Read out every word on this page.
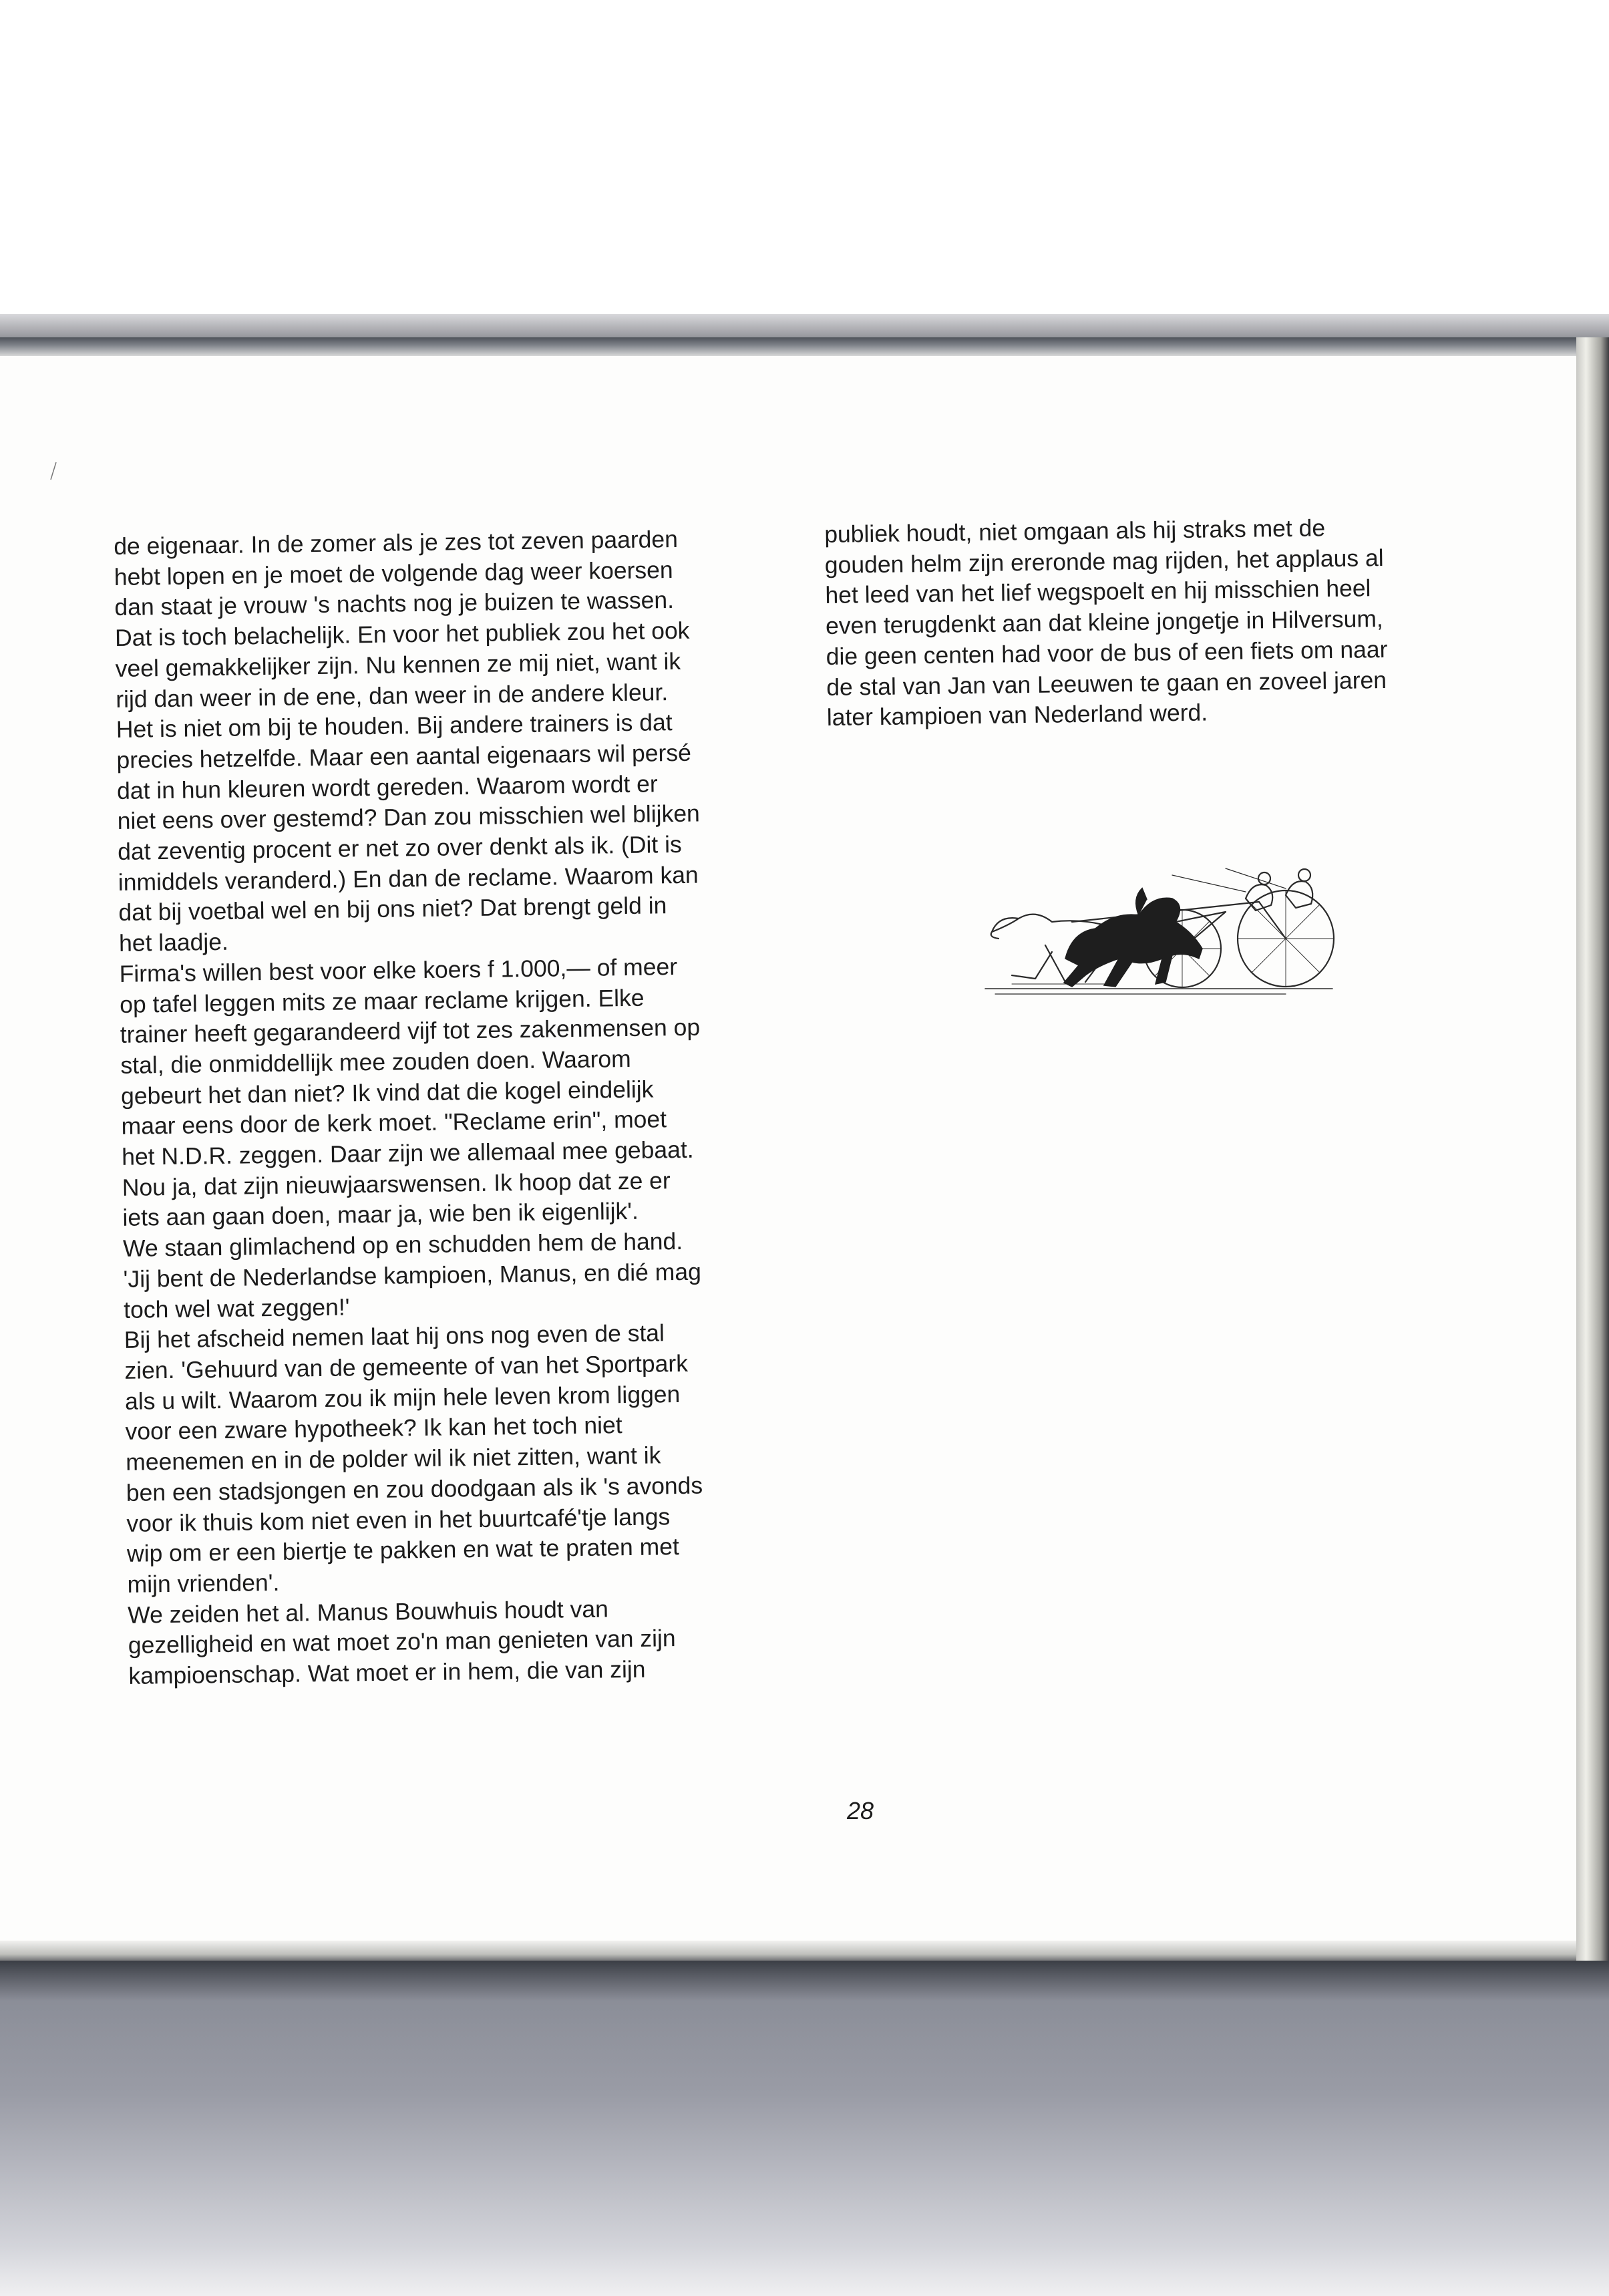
de eigenaar. In de zomer als je zes tot zeven paarden
hebt lopen en je moet de volgende dag weer koersen
dan staat je vrouw 's nachts nog je buizen te wassen.
Dat is toch belachelijk. En voor het publiek zou het ook
veel gemakkelijker zijn. Nu kennen ze mij niet, want ik
rijd dan weer in de ene, dan weer in de andere kleur.
Het is niet om bij te houden. Bij andere trainers is dat
precies hetzelfde. Maar een aantal eigenaars wil persé
dat in hun kleuren wordt gereden. Waarom wordt er
niet eens over gestemd? Dan zou misschien wel blijken
dat zeventig procent er net zo over denkt als ik. (Dit is
inmiddels veranderd.) En dan de reclame. Waarom kan
dat bij voetbal wel en bij ons niet? Dat brengt geld in
het laadje.
Firma's willen best voor elke koers f 1.000,— of meer
op tafel leggen mits ze maar reclame krijgen. Elke
trainer heeft gegarandeerd vijf tot zes zakenmensen op
stal, die onmiddellijk mee zouden doen. Waarom
gebeurt het dan niet? Ik vind dat die kogel eindelijk
maar eens door de kerk moet. "Reclame erin", moet
het N.D.R. zeggen. Daar zijn we allemaal mee gebaat.
Nou ja, dat zijn nieuwjaarswensen. Ik hoop dat ze er
iets aan gaan doen, maar ja, wie ben ik eigenlijk'.
We staan glimlachend op en schudden hem de hand.
'Jij bent de Nederlandse kampioen, Manus, en dié mag
toch wel wat zeggen!'
Bij het afscheid nemen laat hij ons nog even de stal
zien. 'Gehuurd van de gemeente of van het Sportpark
als u wilt. Waarom zou ik mijn hele leven krom liggen
voor een zware hypotheek? Ik kan het toch niet
meenemen en in de polder wil ik niet zitten, want ik
ben een stadsjongen en zou doodgaan als ik 's avonds
voor ik thuis kom niet even in het buurtcafé'tje langs
wip om er een biertje te pakken en wat te praten met
mijn vrienden'.
We zeiden het al. Manus Bouwhuis houdt van
gezelligheid en wat moet zo'n man genieten van zijn
kampioenschap. Wat moet er in hem, die van zijn
publiek houdt, niet omgaan als hij straks met de
gouden helm zijn ereronde mag rijden, het applaus al
het leed van het lief wegspoelt en hij misschien heel
even terugdenkt aan dat kleine jongetje in Hilversum,
die geen centen had voor de bus of een fiets om naar
de stal van Jan van Leeuwen te gaan en zoveel jaren
later kampioen van Nederland werd.
28
